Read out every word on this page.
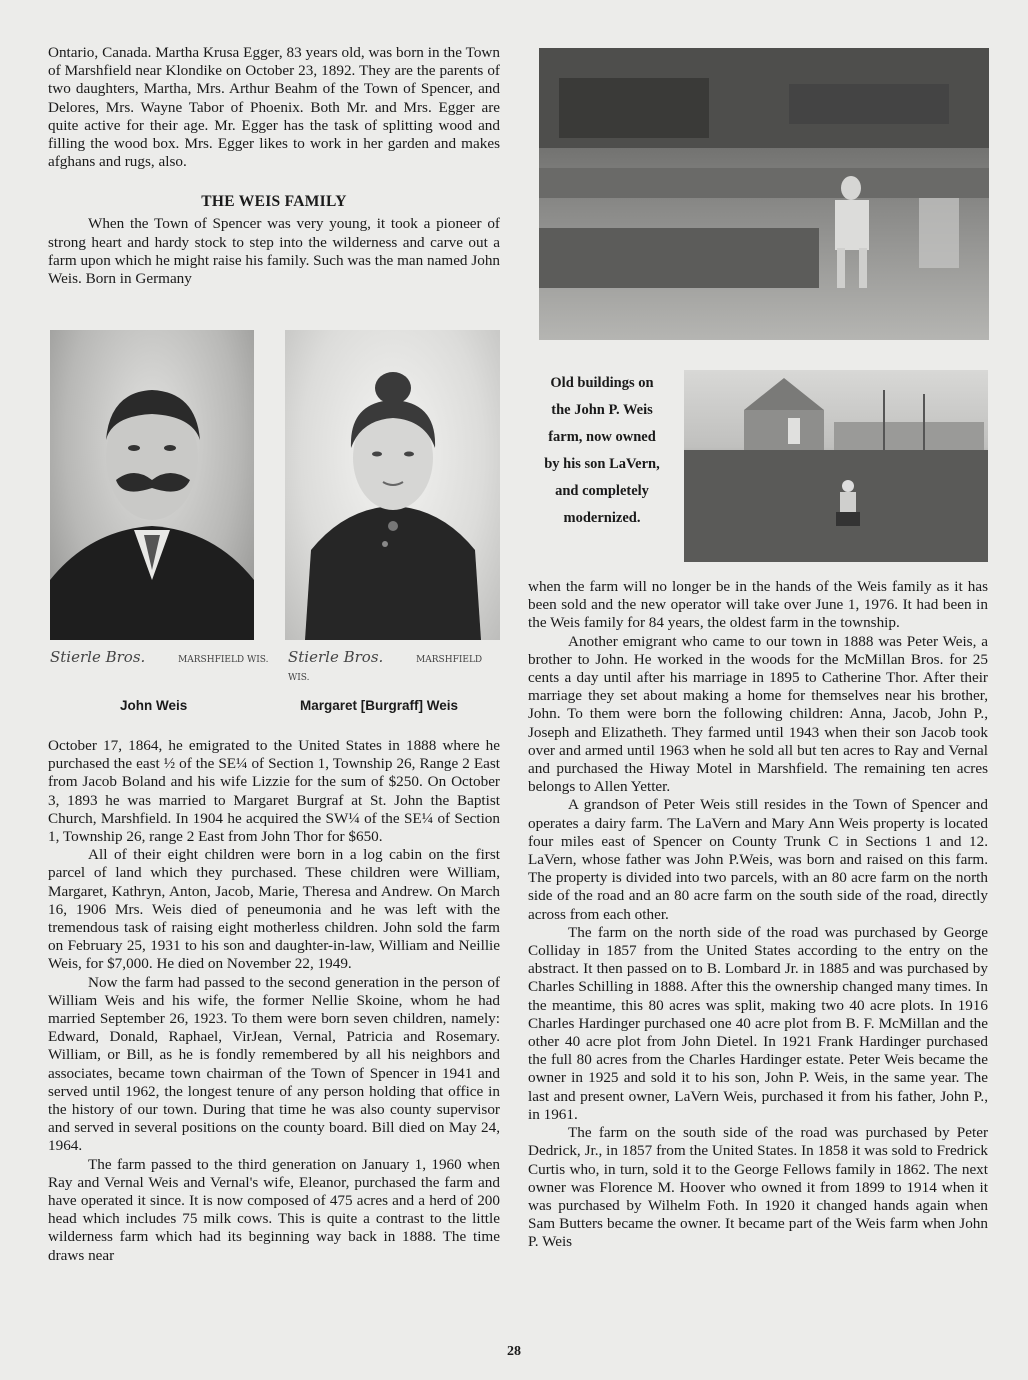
Ontario, Canada. Martha Krusa Egger, 83 years old, was born in the Town of Marshfield near Klondike on October 23, 1892. They are the parents of two daughters, Martha, Mrs. Arthur Beahm of the Town of Spencer, and Delores, Mrs. Wayne Tabor of Phoenix. Both Mr. and Mrs. Egger are quite active for their age. Mr. Egger has the task of splitting wood and filling the wood box. Mrs. Egger likes to work in her garden and makes afghans and rugs, also.

THE WEIS FAMILY

When the Town of Spencer was very young, it took a pioneer of strong heart and hardy stock to step into the wilderness and carve out a farm upon which he might raise his family. Such was the man named John Weis. Born in Germany

Stierle Bros.	MARSHFIELD WIS. Stierle Bros.	MARSHFIELD WIS.
John Weis	Margaret [Burgraff] Weis
Old buildings on
the John P. Weis
farm, now owned
by his son LaVern,
and completely
modernized.

October 17, 1864, he emigrated to the United States in 1888 where he purchased the east ½ of the SE¼ of Section 1, Township 26, Range 2 East from Jacob Boland and his wife Lizzie for the sum of $250. On October 3, 1893 he was married to Margaret Burgraf at St. John the Baptist Church, Marshfield. In 1904 he acquired the SW¼ of the SE¼ of Section 1, Township 26, range 2 East from John Thor for $650.

All of their eight children were born in a log cabin on the first parcel of land which they purchased. These children were William, Margaret, Kathryn, Anton, Jacob, Marie, Theresa and Andrew. On March 16, 1906 Mrs. Weis died of peneumonia and he was left with the tremendous task of raising eight motherless children. John sold the farm on February 25, 1931 to his son and daughter-in-law, William and Neillie Weis, for $7,000. He died on November 22, 1949.

Now the farm had passed to the second generation in the person of William Weis and his wife, the former Nellie Skoine, whom he had married September 26, 1923. To them were born seven children, namely: Edward, Donald, Raphael, VirJean, Vernal, Patricia and Rosemary. William, or Bill, as he is fondly remembered by all his neighbors and associates, became town chairman of the Town of Spencer in 1941 and served until 1962, the longest tenure of any person holding that office in the history of our town. During that time he was also county supervisor and served in several positions on the county board. Bill died on May 24, 1964.

The farm passed to the third generation on January 1, 1960 when Ray and Vernal Weis and Vernal's wife, Eleanor, purchased the farm and have operated it since. It is now composed of 475 acres and a herd of 200 head which includes 75 milk cows. This is quite a contrast to the little wilderness farm which had its beginning way back in 1888. The time draws near

when the farm will no longer be in the hands of the Weis family as it has been sold and the new operator will take over June 1, 1976. It had been in the Weis family for 84 years, the oldest farm in the township.

Another emigrant who came to our town in 1888 was Peter Weis, a brother to John. He worked in the woods for the McMillan Bros. for 25 cents a day until after his marriage in 1895 to Catherine Thor. After their marriage they set about making a home for themselves near his brother, John. To them were born the following children: Anna, Jacob, John P., Joseph and Elizatheth. They farmed until 1943 when their son Jacob took over and armed until 1963 when he sold all but ten acres to Ray and Vernal and purchased the Hiway Motel in Marshfield. The remaining ten acres belongs to Allen Yetter.

A grandson of Peter Weis still resides in the Town of Spencer and operates a dairy farm. The LaVern and Mary Ann Weis property is located four miles east of Spencer on County Trunk C in Sections 1 and 12. LaVern, whose father was John P.Weis, was born and raised on this farm. The property is divided into two parcels, with an 80 acre farm on the north side of the road and an 80 acre farm on the south side of the road, directly across from each other.

The farm on the north side of the road was purchased by George Colliday in 1857 from the United States according to the entry on the abstract. It then passed on to B. Lombard Jr. in 1885 and was purchased by Charles Schilling in 1888. After this the ownership changed many times. In the meantime, this 80 acres was split, making two 40 acre plots. In 1916 Charles Hardinger purchased one 40 acre plot from B. F. McMillan and the other 40 acre plot from John Dietel. In 1921 Frank Hardinger purchased the full 80 acres from the Charles Hardinger estate. Peter Weis became the owner in 1925 and sold it to his son, John P. Weis, in the same year. The last and present owner, LaVern Weis, purchased it from his father, John P., in 1961.

The farm on the south side of the road was purchased by Peter Dedrick, Jr., in 1857 from the United States. In 1858 it was sold to Fredrick Curtis who, in turn, sold it to the George Fellows family in 1862. The next owner was Florence M. Hoover who owned it from 1899 to 1914 when it was purchased by Wilhelm Foth. In 1920 it changed hands again when Sam Butters became the owner. It became part of the Weis farm when John P. Weis

28
